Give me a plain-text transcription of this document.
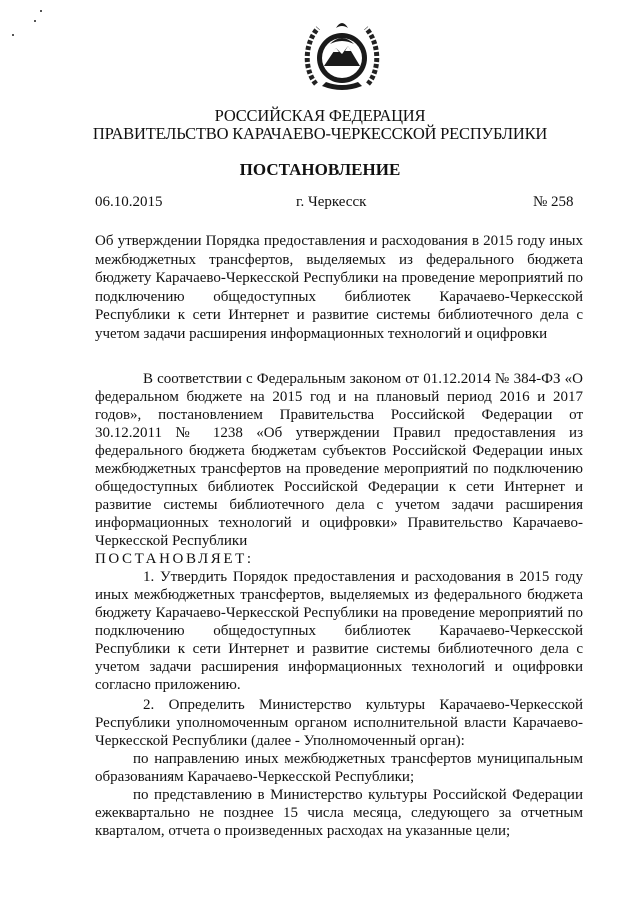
РОССИЙСКАЯ ФЕДЕРАЦИЯ
ПРАВИТЕЛЬСТВО КАРАЧАЕВО-ЧЕРКЕССКОЙ РЕСПУБЛИКИ
ПОСТАНОВЛЕНИЕ
06.10.2015	г. Черкесск	№ 258
Об утверждении Порядка предоставления и расходования в 2015 году иных межбюджетных трансфертов, выделяемых из федерального бюджета бюджету Карачаево-Черкесской Республики на проведение мероприятий по подключению общедоступных библиотек Карачаево-Черкесской Республики к сети Интернет и развитие системы библиотечного дела с учетом задачи расширения информационных технологий и оцифровки

В соответствии с Федеральным законом от 01.12.2014 № 384-ФЗ «О федеральном бюджете на 2015 год и на плановый период 2016 и 2017 годов», постановлением Правительства Российской Федерации от 30.12.2011 № 1238 «Об утверждении Правил предоставления из федерального бюджета бюджетам субъектов Российской Федерации иных межбюджетных трансфертов на проведение мероприятий по подключению общедоступных библиотек Российской Федерации к сети Интернет и развитие системы библиотечного дела с учетом задачи расширения информационных технологий и оцифровки» Правительство Карачаево-Черкесской Республики

ПОСТАНОВЛЯЕТ:

1. Утвердить Порядок предоставления и расходования в 2015 году иных межбюджетных трансфертов, выделяемых из федерального бюджета бюджету Карачаево-Черкесской Республики на проведение мероприятий по подключению общедоступных библиотек Карачаево-Черкесской Республики к сети Интернет и развитие системы библиотечного дела с учетом задачи расширения информационных технологий и оцифровки согласно приложению.

2. Определить Министерство культуры Карачаево-Черкесской Республики уполномоченным органом исполнительной власти Карачаево-Черкесской Республики (далее - Уполномоченный орган):

по направлению иных межбюджетных трансфертов муниципальным образованиям Карачаево-Черкесской Республики;

по представлению в Министерство культуры Российской Федерации ежеквартально не позднее 15 числа месяца, следующего за отчетным кварталом, отчета о произведенных расходах на указанные цели;
